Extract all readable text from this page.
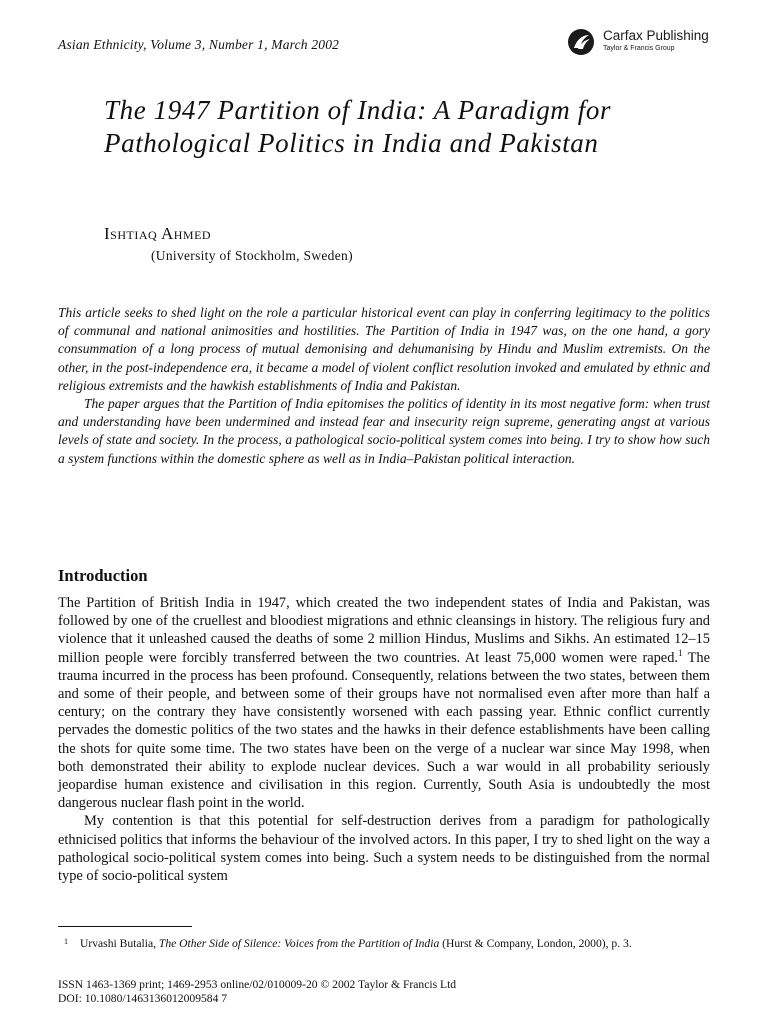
Asian Ethnicity, Volume 3, Number 1, March 2002
Carfax Publishing
Taylor & Francis Group
The 1947 Partition of India: A Paradigm for Pathological Politics in India and Pakistan
Ishtiaq Ahmed
(University of Stockholm, Sweden)

This article seeks to shed light on the role a particular historical event can play in conferring legitimacy to the politics of communal and national animosities and hostilities. The Partition of India in 1947 was, on the one hand, a gory consummation of a long process of mutual demonising and dehumanising by Hindu and Muslim extremists. On the other, in the post-independence era, it became a model of violent conflict resolution invoked and emulated by ethnic and religious extremists and the hawkish establishments of India and Pakistan.

The paper argues that the Partition of India epitomises the politics of identity in its most negative form: when trust and understanding have been undermined and instead fear and insecurity reign supreme, generating angst at various levels of state and society. In the process, a pathological socio-political system comes into being. I try to show how such a system functions within the domestic sphere as well as in India–Pakistan political interaction.

Introduction

The Partition of British India in 1947, which created the two independent states of India and Pakistan, was followed by one of the cruellest and bloodiest migrations and ethnic cleansings in history. The religious fury and violence that it unleashed caused the deaths of some 2 million Hindus, Muslims and Sikhs. An estimated 12–15 million people were forcibly transferred between the two countries. At least 75,000 women were raped.$^1$ The trauma incurred in the process has been profound. Consequently, relations between the two states, between them and some of their people, and between some of their groups have not normalised even after more than half a century; on the contrary they have consistently worsened with each passing year. Ethnic conflict currently pervades the domestic politics of the two states and the hawks in their defence establishments have been calling the shots for quite some time. The two states have been on the verge of a nuclear war since May 1998, when both demonstrated their ability to explode nuclear devices. Such a war would in all probability seriously jeopardise human existence and civilisation in this region. Currently, South Asia is undoubtedly the most dangerous nuclear flash point in the world.

My contention is that this potential for self-destruction derives from a paradigm for pathologically ethnicised politics that informs the behaviour of the involved actors. In this paper, I try to shed light on the way a pathological socio-political system comes into being. Such a system needs to be distinguished from the normal type of socio-political system

1 Urvashi Butalia, The Other Side of Silence: Voices from the Partition of India (Hurst & Company, London, 2000), p. 3.
ISSN 1463-1369 print; 1469-2953 online/02/010009-20 © 2002 Taylor & Francis Ltd
DOI: 10.1080/1463136012009584 7
